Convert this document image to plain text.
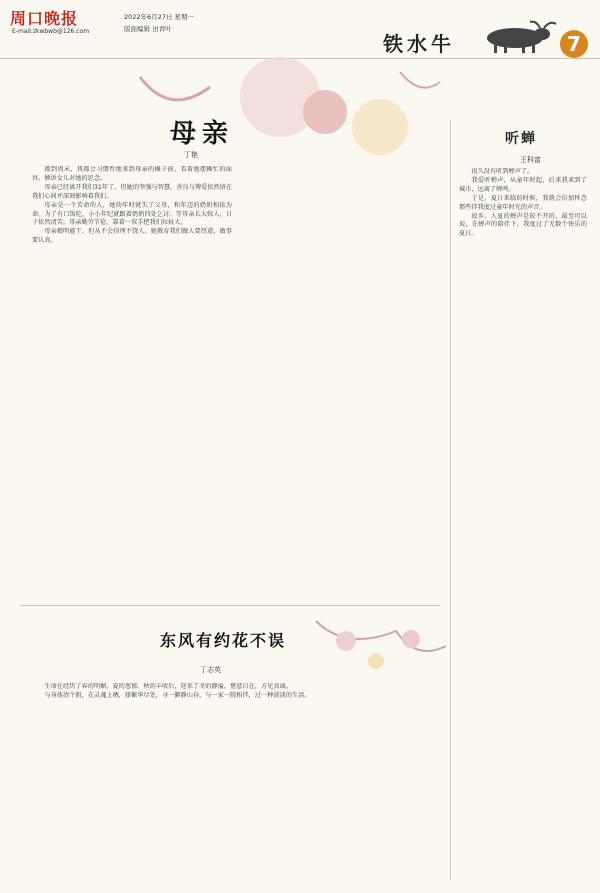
周口晚报
E-mail:zkwbwb@126.com
2022年6月27日 星期一
版面编辑 田青叶
铁水牛	7
母亲
丁艳

都到周末，我都会习惯性地来到母亲的摊子前，看着她摆摊忙的面容，倾诉女儿对她的思念。

母亲已经离开我们31年了。但她的坚强与智慧，善良与博爱依然留在我们心间并深刻影响着我们。

母亲是一个苦命的人，她幼年时就失了父母，和年迈的奶奶相依为命。为了有口饭吃，小小年纪就跟着奶奶四处乞讨。等母亲长大嫁人，日子依然清苦。母亲勤劳节俭，靠着一双手把我们拉扯大。

母亲精明能干，但从不会得理不饶人。她教育我们做人要厚道，做事要认真。

听蝉
王科富

很久没有听到蝉声了。

我爱听蝉声，从童年时起，后来我来到了城市，远离了蝉鸣。

于是，夏日来临的时候，我就会倍加怀念那些伴我度过童年时光的声音。

故乡，人夏的蝉声是较不开的，最至可以说，在蝉声的陪伴下，我度过了无数个快乐的夏日。

东风有约花不误
丁志英

生命在经历了春的明媚，夏的葱郁，秋的丰收后，迎来了冬的静谧，惬意自在，方见真诚。

与身体清个假，在灵魂上栖，择繁华尽处，寻一僻静山谷，与一家一院相伴，过一种淡淡的生活。
